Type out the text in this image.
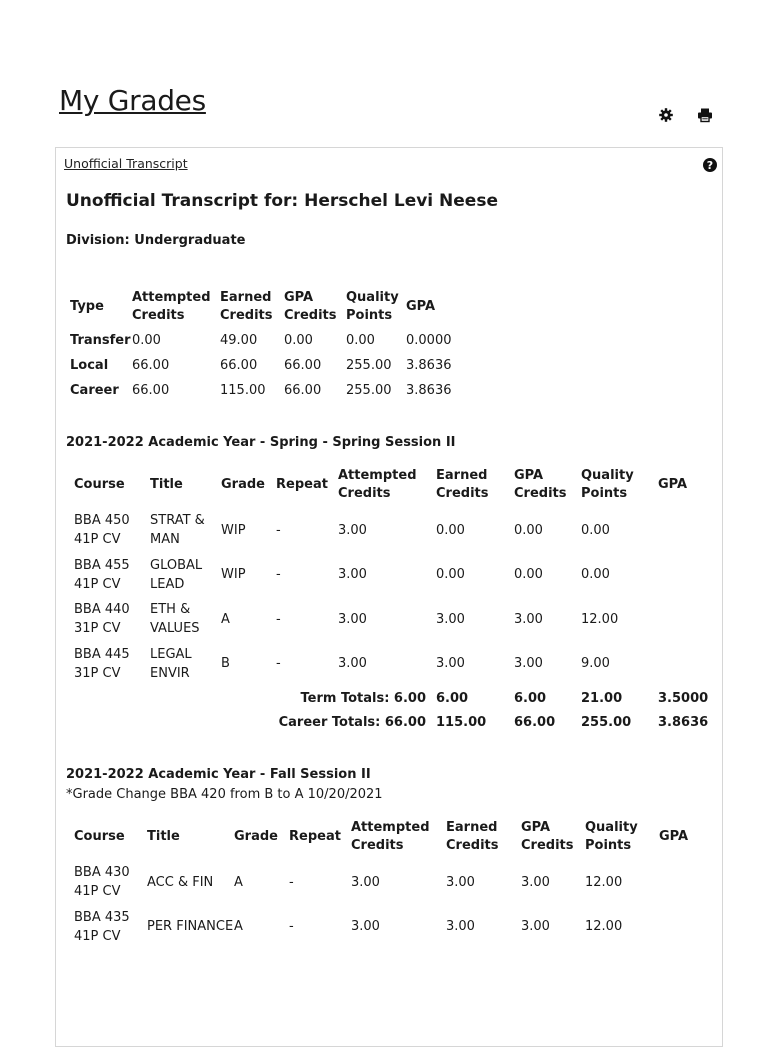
My Grades
Unofficial Transcript	?
Unofficial Transcript for: Herschel Levi Neese
Division: Undergraduate
Type	Attempted Credits	Earned Credits	GPA Credits	Quality Points	GPA
Transfer	0.00	49.00	0.00	0.00	0.0000
Local	66.00	66.00	66.00	255.00	3.8636
Career	66.00	115.00	66.00	255.00	3.8636
2021-2022 Academic Year - Spring - Spring Session II
Course	Title	Grade	Repeat	Attempted Credits	Earned Credits	GPA Credits	Quality Points	GPA
BBA 450 41P CV	STRAT & MAN	WIP	-	3.00	0.00	0.00	0.00	
BBA 455 41P CV	GLOBAL LEAD	WIP	-	3.00	0.00	0.00	0.00	
BBA 440 31P CV	ETH & VALUES	A	-	3.00	3.00	3.00	12.00	
BBA 445 31P CV	LEGAL ENVIR	B	-	3.00	3.00	3.00	9.00	
Term Totals: 6.00					6.00	6.00	21.00	3.5000
Career Totals: 66.00					115.00	66.00	255.00	3.8636
2021-2022 Academic Year - Fall Session II
*Grade Change BBA 420 from B to A 10/20/2021
Course	Title	Grade	Repeat	Attempted Credits	Earned Credits	GPA Credits	Quality Points	GPA
BBA 430 41P CV	ACC & FIN	A	-	3.00	3.00	3.00	12.00	
BBA 435 41P CV	PER FINANCE	A	-	3.00	3.00	3.00	12.00	
